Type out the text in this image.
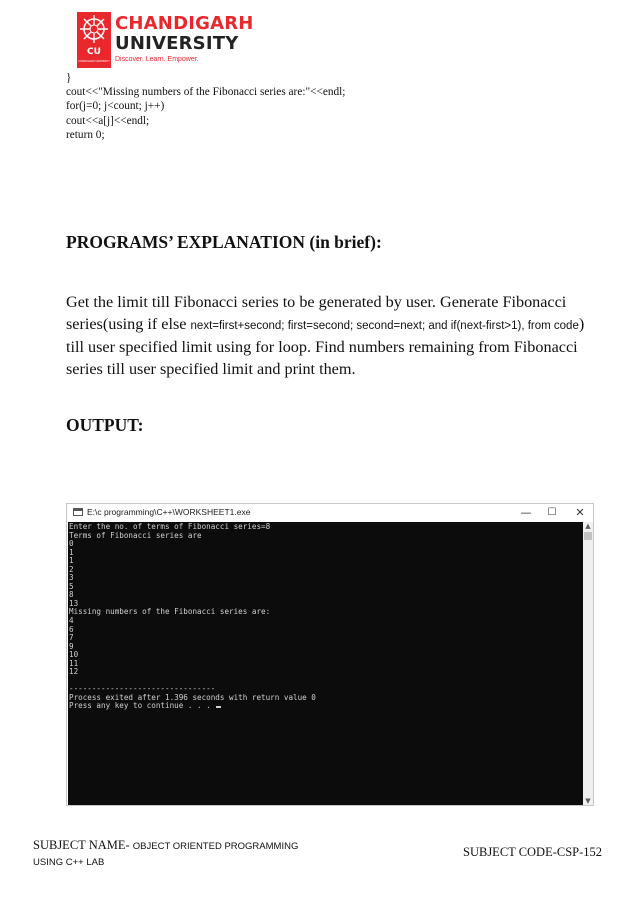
CU
CHANDIGARH UNIVERSITY
CHANDIGARH
UNIVERSITY
Discover. Learn. Empower.
}
cout<<"Missing numbers of the Fibonacci series are:"<<endl;
for(j=0; j<count; j++)
cout<<a[j]<<endl;
return 0;
PROGRAMS’ EXPLANATION (in brief):
Get the limit till Fibonacci series to be generated by user. Generate Fibonacci series(using if else next=first+second; first=second; second=next; and if(next-first>1), from code) till user specified limit using for loop. Find numbers remaining from Fibonacci series till user specified limit and print them.
OUTPUT:
E:\c programming\C++\WORKSHEET1.exe	—	☐	✕
Enter the no. of terms of Fibonacci series=8
Terms of Fibonacci series are
0
1
1
2
3
5
8
13
Missing numbers of the Fibonacci series are:
4
6
7
9
10
11
12
--------------------------------
Process exited after 1.396 seconds with return value 0
Press any key to continue . . .
▲
▼
SUBJECT NAME- OBJECT ORIENTED PROGRAMMING
USING C++ LAB
SUBJECT CODE-CSP-152
